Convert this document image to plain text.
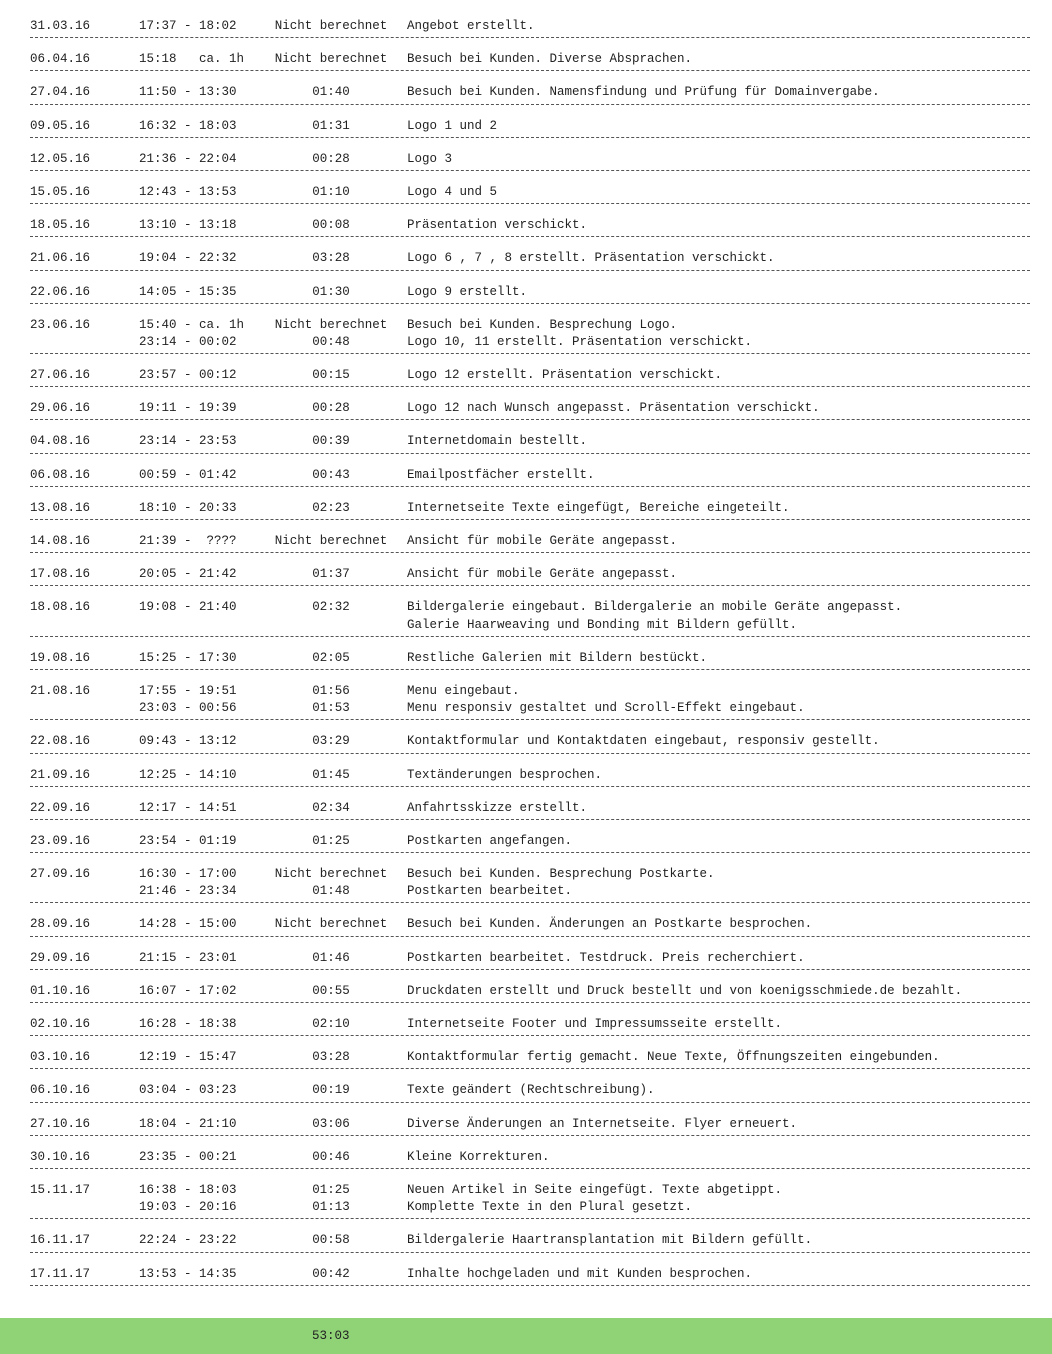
31.03.16	17:37 - 18:02	Nicht berechnet Angebot erstellt.
06.04.16	15:18   ca. 1h Nicht berechnet Besuch bei Kunden. Diverse Absprachen.
27.04.16	11:50 - 13:30	01:40	Besuch bei Kunden. Namensfindung und Prüfung für Domainvergabe.
09.05.16	16:32 - 18:03	01:31	Logo 1 und 2
12.05.16	21:36 - 22:04	00:28	Logo 3
15.05.16	12:43 - 13:53	01:10	Logo 4 und 5
18.05.16	13:10 - 13:18	00:08	Präsentation verschickt.
21.06.16	19:04 - 22:32	03:28	Logo 6 , 7 , 8 erstellt. Präsentation verschickt.
22.06.16	14:05 - 15:35	01:30	Logo 9 erstellt.
23.06.16	15:40 - ca. 1h Nicht berechnet Besuch bei Kunden. Besprechung Logo.
23:14 - 00:02	00:48	Logo 10, 11 erstellt. Präsentation verschickt.
27.06.16	23:57 - 00:12	00:15	Logo 12 erstellt. Präsentation verschickt.
29.06.16	19:11 - 19:39	00:28	Logo 12 nach Wunsch angepasst. Präsentation verschickt.
04.08.16	23:14 - 23:53	00:39	Internetdomain bestellt.
06.08.16	00:59 - 01:42	00:43	Emailpostfächer erstellt.
13.08.16	18:10 - 20:33	02:23	Internetseite Texte eingefügt, Bereiche eingeteilt.
14.08.16	21:39 -  ????	Nicht berechnet Ansicht für mobile Geräte angepasst.
17.08.16	20:05 - 21:42	01:37	Ansicht für mobile Geräte angepasst.
18.08.16	19:08 - 21:40	02:32	Bildergalerie eingebaut. Bildergalerie an mobile Geräte angepasst.
Galerie Haarweaving und Bonding mit Bildern gefüllt.
19.08.16	15:25 - 17:30	02:05	Restliche Galerien mit Bildern bestückt.
21.08.16	17:55 - 19:51	01:56	Menu eingebaut.
23:03 - 00:56	01:53	Menu responsiv gestaltet und Scroll-Effekt eingebaut.
22.08.16	09:43 - 13:12	03:29	Kontaktformular und Kontaktdaten eingebaut, responsiv gestellt.
21.09.16	12:25 - 14:10	01:45	Textänderungen besprochen.
22.09.16	12:17 - 14:51	02:34	Anfahrtsskizze erstellt.
23.09.16	23:54 - 01:19	01:25	Postkarten angefangen.
27.09.16	16:30 - 17:00	Nicht berechnet Besuch bei Kunden. Besprechung Postkarte.
21:46 - 23:34	01:48	Postkarten bearbeitet.
28.09.16	14:28 - 15:00	Nicht berechnet Besuch bei Kunden. Änderungen an Postkarte besprochen.
29.09.16	21:15 - 23:01	01:46	Postkarten bearbeitet. Testdruck. Preis recherchiert.
01.10.16	16:07 - 17:02	00:55	Druckdaten erstellt und Druck bestellt und von koenigsschmiede.de bezahlt.
02.10.16	16:28 - 18:38	02:10	Internetseite Footer und Impressumsseite erstellt.
03.10.16	12:19 - 15:47	03:28	Kontaktformular fertig gemacht. Neue Texte, Öffnungszeiten eingebunden.
06.10.16	03:04 - 03:23	00:19	Texte geändert (Rechtschreibung).
27.10.16	18:04 - 21:10	03:06	Diverse Änderungen an Internetseite. Flyer erneuert.
30.10.16	23:35 - 00:21	00:46	Kleine Korrekturen.
15.11.17	16:38 - 18:03	01:25	Neuen Artikel in Seite eingefügt. Texte abgetippt.
19:03 - 20:16	01:13	Komplette Texte in den Plural gesetzt.
16.11.17	22:24 - 23:22	00:58	Bildergalerie Haartransplantation mit Bildern gefüllt.
17.11.17	13:53 - 14:35	00:42	Inhalte hochgeladen und mit Kunden besprochen.
53:03
